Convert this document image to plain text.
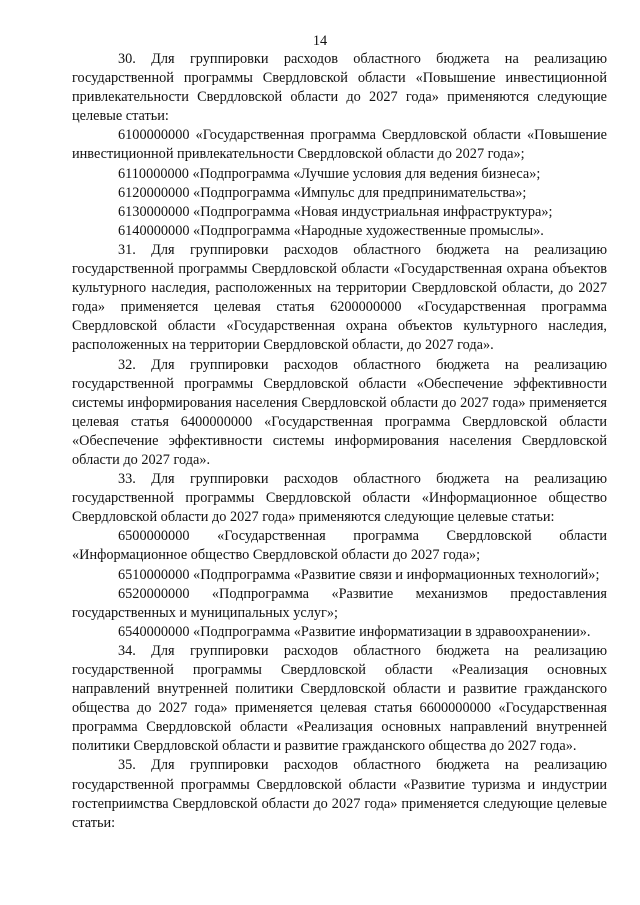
14

30. Для группировки расходов областного бюджета на реализацию государственной программы Свердловской области «Повышение инвестиционной привлекательности Свердловской области до 2027 года» применяются следующие целевые статьи:

6100000000 «Государственная программа Свердловской области «Повышение инвестиционной привлекательности Свердловской области до 2027 года»;

6110000000 «Подпрограмма «Лучшие условия для ведения бизнеса»;

6120000000 «Подпрограмма «Импульс для предпринимательства»;

6130000000 «Подпрограмма «Новая индустриальная инфраструктура»;

6140000000 «Подпрограмма «Народные художественные промыслы».

31. Для группировки расходов областного бюджета на реализацию государственной программы Свердловской области «Государственная охрана объектов культурного наследия, расположенных на территории Свердловской области, до 2027 года» применяется целевая статья 6200000000 «Государственная программа Свердловской области «Государственная охрана объектов культурного наследия, расположенных на территории Свердловской области, до 2027 года».

32. Для группировки расходов областного бюджета на реализацию государственной программы Свердловской области «Обеспечение эффективности системы информирования населения Свердловской области до 2027 года» применяется целевая статья 6400000000 «Государственная программа Свердловской области «Обеспечение эффективности системы информирования населения Свердловской области до 2027 года».

33. Для группировки расходов областного бюджета на реализацию государственной программы Свердловской области «Информационное общество Свердловской области до 2027 года» применяются следующие целевые статьи:

6500000000 «Государственная программа Свердловской области «Информационное общество Свердловской области до 2027 года»;

6510000000 «Подпрограмма «Развитие связи и информационных технологий»;

6520000000 «Подпрограмма «Развитие механизмов предоставления государственных и муниципальных услуг»;

6540000000 «Подпрограмма «Развитие информатизации в здравоохранении».

34. Для группировки расходов областного бюджета на реализацию государственной программы Свердловской области «Реализация основных направлений внутренней политики Свердловской области и развитие гражданского общества до 2027 года» применяется целевая статья 6600000000 «Государственная программа Свердловской области «Реализация основных направлений внутренней политики Свердловской области и развитие гражданского общества до 2027 года».

35. Для группировки расходов областного бюджета на реализацию государственной программы Свердловской области «Развитие туризма и индустрии гостеприимства Свердловской области до 2027 года» применяется следующие целевые статьи:
